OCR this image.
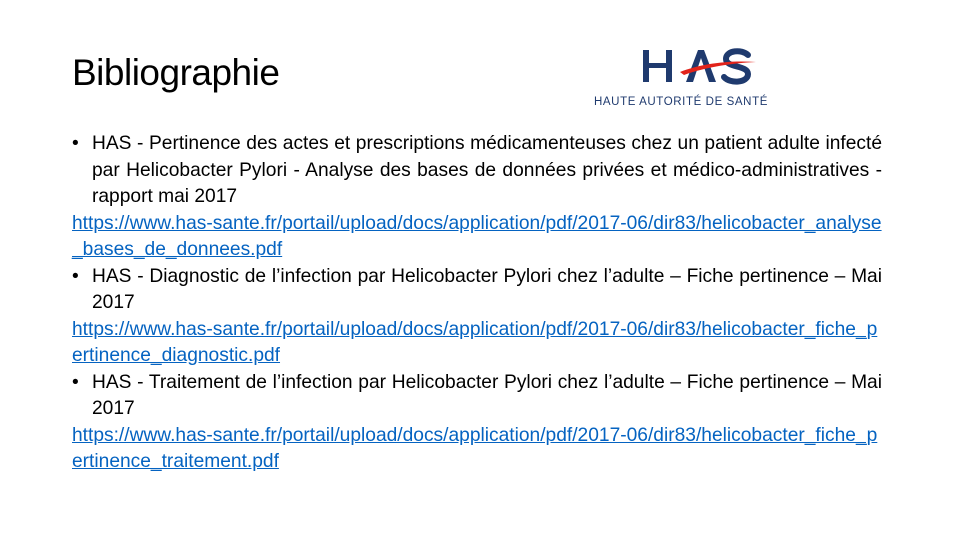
Bibliographie
HAUTE AUTORITÉ DE SANTÉ
• HAS - Pertinence des actes et prescriptions médicamenteuses chez un patient adulte infecté par Helicobacter Pylori - Analyse des bases de données privées et médico-administratives - rapport mai 2017
https://www.has-sante.fr/portail/upload/docs/application/pdf/2017-06/dir83/helicobacter_analyse_bases_de_donnees.pdf
• HAS - Diagnostic de l’infection par Helicobacter Pylori chez l’adulte – Fiche pertinence – Mai 2017
https://www.has-sante.fr/portail/upload/docs/application/pdf/2017-06/dir83/helicobacter_fiche_pertinence_diagnostic.pdf
• HAS - Traitement de l’infection par Helicobacter Pylori chez l’adulte – Fiche pertinence – Mai 2017
https://www.has-sante.fr/portail/upload/docs/application/pdf/2017-06/dir83/helicobacter_fiche_pertinence_traitement.pdf
